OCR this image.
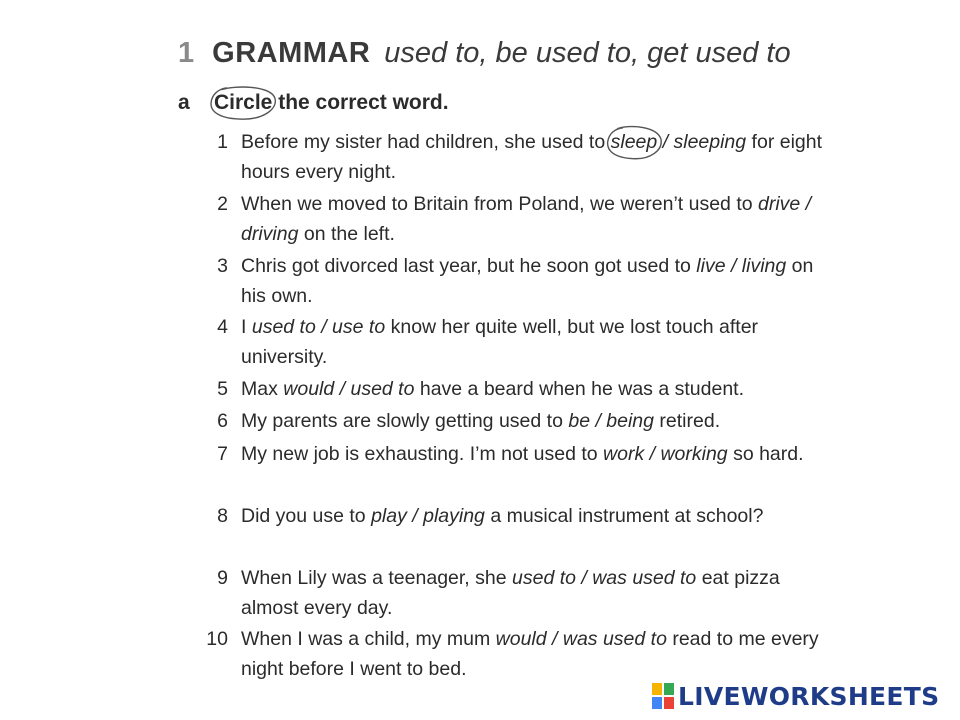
1 GRAMMAR used to, be used to, get used to
a Circle
the correct word.
1 Before my sister had children, she used to sleep
/ sleeping for eight hours every night.
2 When we moved to Britain from Poland, we weren’t used to drive / driving on the left.
3 Chris got divorced last year, but he soon got used to live / living on his own.
4 I used to / use to know her quite well, but we lost touch after university.
5 Max would / used to have a beard when he was a student.
6 My parents are slowly getting used to be / being retired.
7 My new job is exhausting. I’m not used to work / working so hard.
8 Did you use to play / playing a musical instrument at school?
9 When Lily was a teenager, she used to / was used to eat pizza almost every day.
10 When I was a child, my mum would / was used to read to me every night before I went to bed.
LIVEWORKSHEETS
